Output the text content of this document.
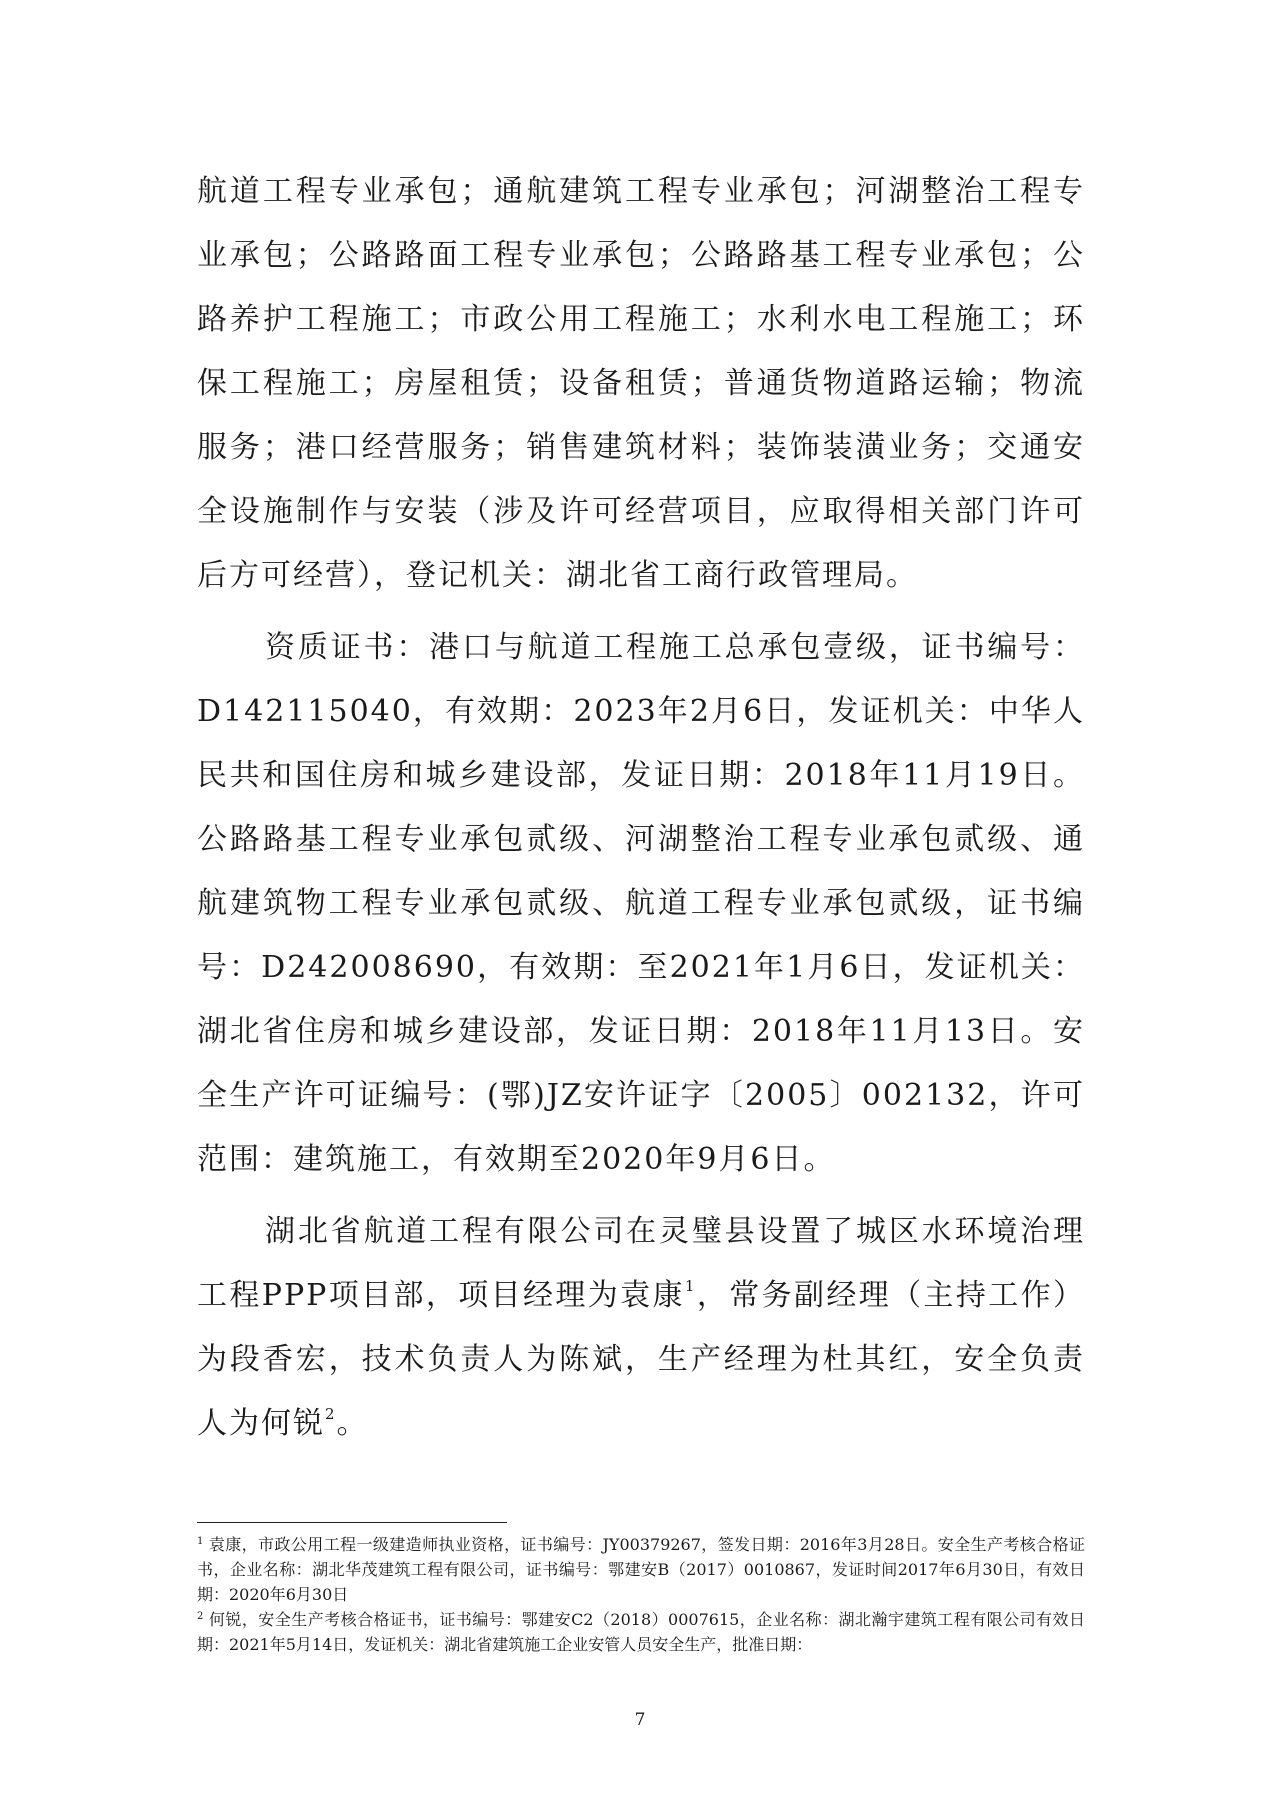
航道工程专业承包；通航建筑工程专业承包；河湖整治工程专业承包；公路路面工程专业承包；公路路基工程专业承包；公路养护工程施工；市政公用工程施工；水利水电工程施工；环保工程施工；房屋租赁；设备租赁；普通货物道路运输；物流服务；港口经营服务；销售建筑材料；装饰装潢业务；交通安全设施制作与安装（涉及许可经营项目，应取得相关部门许可后方可经营），登记机关：湖北省工商行政管理局。

资质证书：港口与航道工程施工总承包壹级，证书编号：D142115040，有效期：2023年2月6日，发证机关：中华人民共和国住房和城乡建设部，发证日期：2018年11月19日。公路路基工程专业承包贰级、河湖整治工程专业承包贰级、通航建筑物工程专业承包贰级、航道工程专业承包贰级，证书编号：D242008690，有效期：至2021年1月6日，发证机关：湖北省住房和城乡建设部，发证日期：2018年11月13日。安全生产许可证编号：(鄂)JZ安许证字〔2005〕002132，许可范围：建筑施工，有效期至2020年9月6日。

湖北省航道工程有限公司在灵璧县设置了城区水环境治理工程PPP项目部，项目经理为袁康$^1$，常务副经理（主持工作）为段香宏，技术负责人为陈斌，生产经理为杜其红，安全负责人为何锐$^2$。

$^1$ 袁康，市政公用工程一级建造师执业资格，证书编号：JY00379267，签发日期：2016年3月28日。安全生产考核合格证书，企业名称：湖北华茂建筑工程有限公司，证书编号：鄂建安B（2017）0010867，发证时间2017年6月30日，有效日期：2020年6月30日

$^2$ 何锐，安全生产考核合格证书，证书编号：鄂建安C2（2018）0007615，企业名称：湖北瀚宇建筑工程有限公司有效日期：2021年5月14日，发证机关：湖北省建筑施工企业安管人员安全生产，批准日期：

7
